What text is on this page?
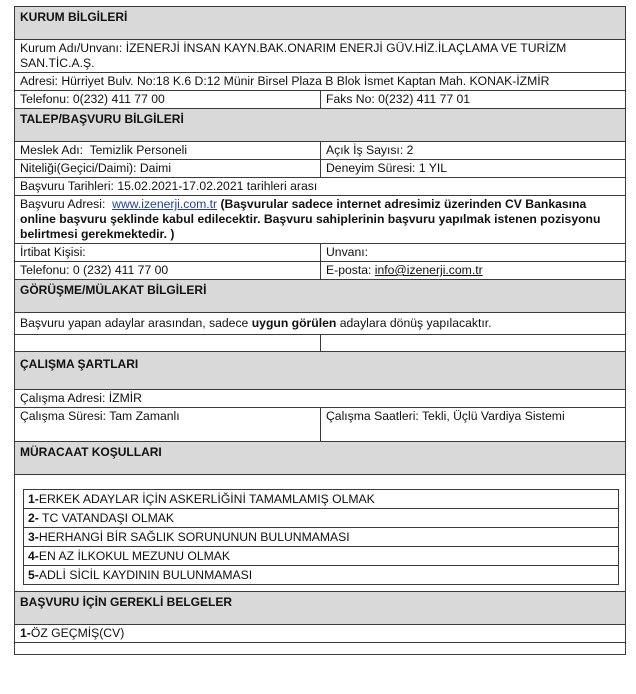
KURUM BİLGİLERİ
Kurum Adı/Unvanı: İZENERJİ İNSAN KAYN.BAK.ONARIM ENERJİ GÜV.HİZ.İLAÇLAMA VE TURİZM SAN.TİC.A.Ş.
Adresi: Hürriyet Bulv. No:18 K.6 D:12 Münir Birsel Plaza B Blok İsmet Kaptan Mah. KONAK-İZMİR
Telefonu: 0(232) 411 77 00	Faks No: 0(232) 411 77 01
TALEP/BAŞVURU BİLGİLERİ
Meslek Adı: Temizlik Personeli	Açık İş Sayısı: 2
Niteliği(Geçici/Daimi): Daimi	Deneyim Süresi: 1 YIL
Başvuru Tarihleri: 15.02.2021-17.02.2021 tarihleri arası
Başvuru Adresi: www.izenerji.com.tr (Başvurular sadece internet adresimiz üzerinden CV Bankasına online başvuru şeklinde kabul edilecektir. Başvuru sahiplerinin başvuru yapılmak istenen pozisyonu belirtmesi gerekmektedir. )
İrtibat Kişisi:	Unvanı:
Telefonu: 0 (232) 411 77 00	E-posta: info@izenerji.com.tr
GÖRÜŞME/MÜLAKAT BİLGİLERİ
Başvuru yapan adaylar arasından, sadece uygun görülen adaylara dönüş yapılacaktır.
ÇALIŞMA ŞARTLARI
Çalışma Adresi: İZMİR
Çalışma Süresi: Tam Zamanlı	Çalışma Saatleri: Tekli, Üçlü Vardiya Sistemi
MÜRACAAT KOŞULLARI
1-ERKEK ADAYLAR İÇİN ASKERLİĞİNİ TAMAMLAMIŞ OLMAK
2- TC VATANDAŞI OLMAK
3-HERHANGİ BİR SAĞLIK SORUNUNUN BULUNMAMASI
4-EN AZ İLKOKUL MEZUNU OLMAK
5-ADLİ SİCİL KAYDININ BULUNMAMASI
BAŞVURU İÇİN GEREKLİ BELGELER
1-ÖZ GEÇMİŞ(CV)
